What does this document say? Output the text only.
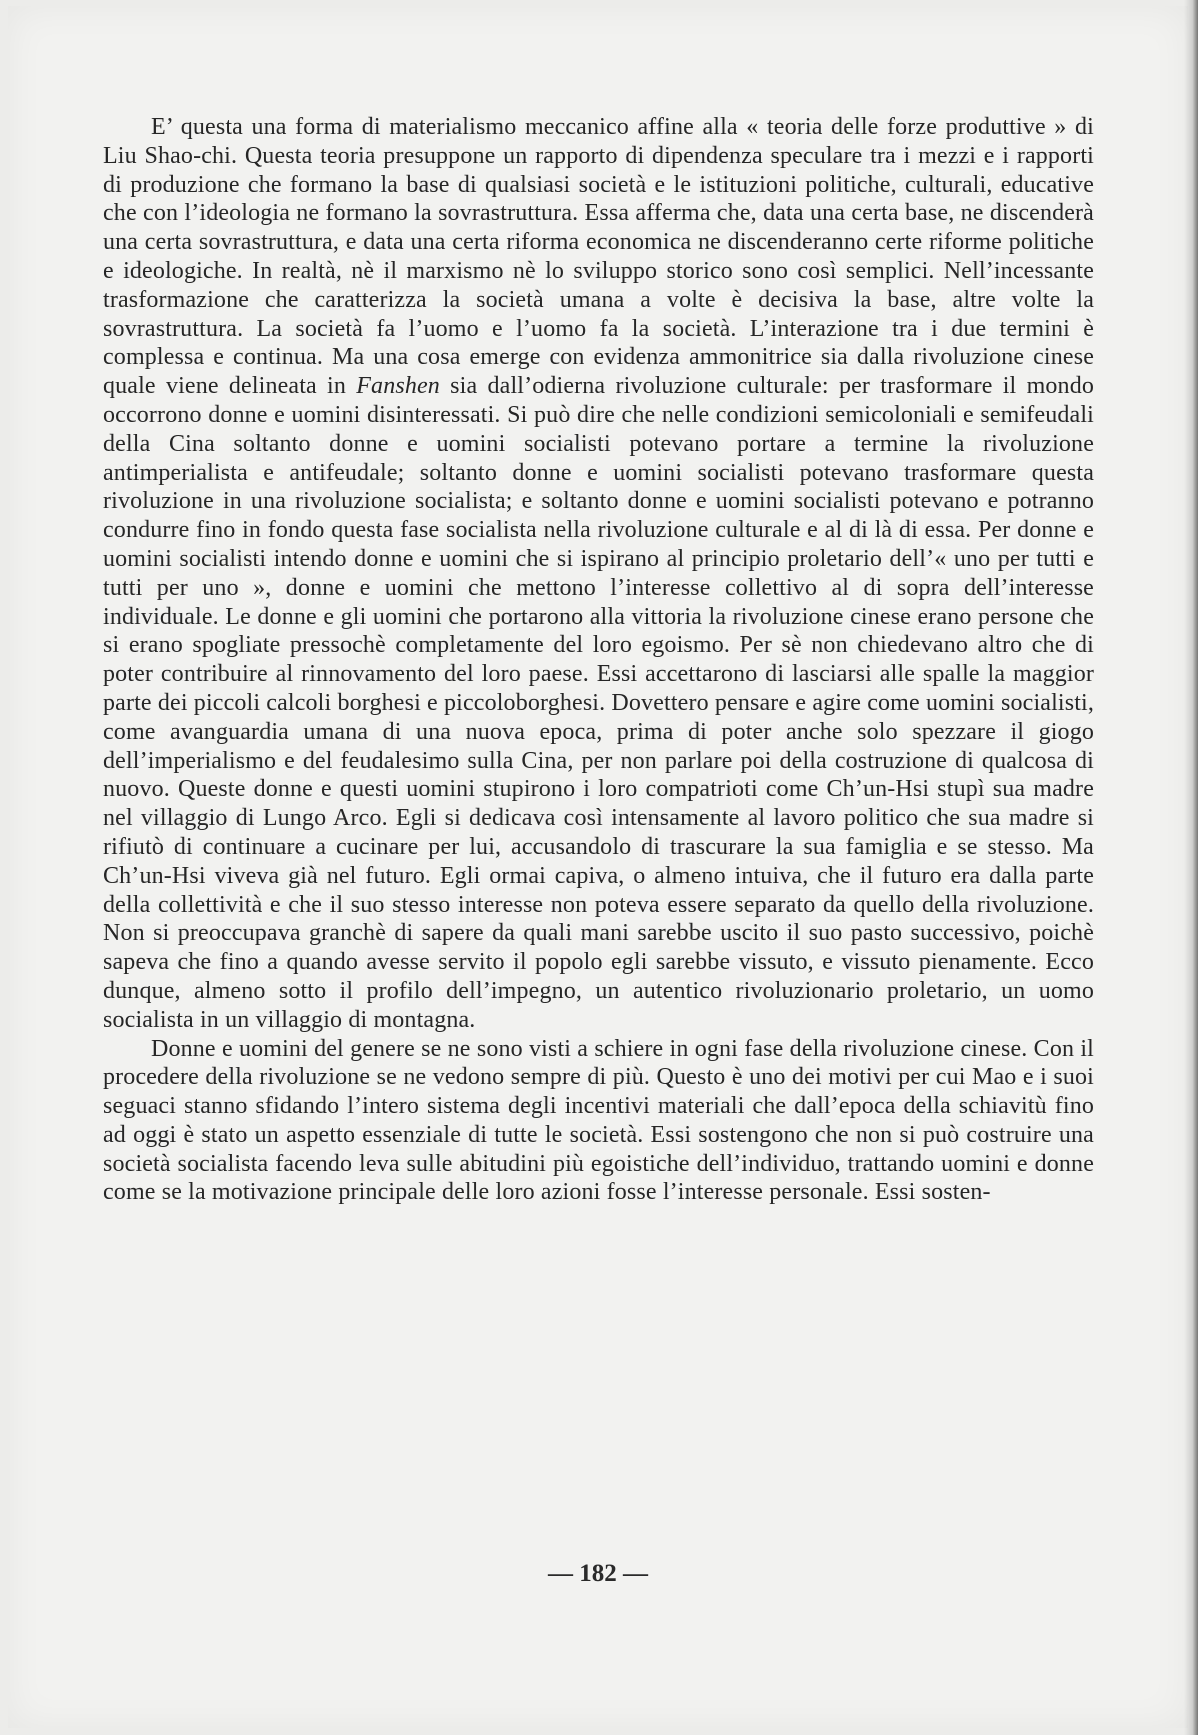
E’ questa una forma di materialismo meccanico affine alla « teoria delle forze produttive » di Liu Shao-chi. Questa teoria presuppone un rapporto di dipendenza speculare tra i mezzi e i rapporti di produzione che formano la base di qualsiasi società e le istituzioni politiche, culturali, educative che con l’ideologia ne formano la sovrastruttura. Essa afferma che, data una certa base, ne discenderà una certa sovrastruttura, e data una certa riforma economica ne discenderanno certe riforme politiche e ideologiche. In realtà, nè il marxismo nè lo sviluppo storico sono così semplici. Nell’incessante trasformazione che caratterizza la società umana a volte è decisiva la base, altre volte la sovrastruttura. La società fa l’uomo e l’uomo fa la società. L’interazione tra i due termini è complessa e continua. Ma una cosa emerge con evidenza ammonitrice sia dalla rivoluzione cinese quale viene delineata in Fanshen sia dall’odierna rivoluzione culturale: per trasformare il mondo occorrono donne e uomini disinteressati. Si può dire che nelle condizioni semicoloniali e semifeudali della Cina soltanto donne e uomini socialisti potevano portare a termine la rivoluzione antimperialista e antifeudale; soltanto donne e uomini socialisti potevano trasformare questa rivoluzione in una rivoluzione socialista; e soltanto donne e uomini socialisti potevano e potranno condurre fino in fondo questa fase socialista nella rivoluzione culturale e al di là di essa. Per donne e uomini socialisti intendo donne e uomini che si ispirano al principio proletario dell’« uno per tutti e tutti per uno », donne e uomini che mettono l’interesse collettivo al di sopra dell’interesse individuale. Le donne e gli uomini che portarono alla vittoria la rivoluzione cinese erano persone che si erano spogliate pressochè completamente del loro egoismo. Per sè non chiedevano altro che di poter contribuire al rinnovamento del loro paese. Essi accettarono di lasciarsi alle spalle la maggior parte dei piccoli calcoli borghesi e piccoloborghesi. Dovettero pensare e agire come uomini socialisti, come avanguardia umana di una nuova epoca, prima di poter anche solo spezzare il giogo dell’imperialismo e del feudalesimo sulla Cina, per non parlare poi della costruzione di qualcosa di nuovo. Queste donne e questi uomini stupirono i loro compatrioti come Ch’un-Hsi stupì sua madre nel villaggio di Lungo Arco. Egli si dedicava così intensamente al lavoro politico che sua madre si rifiutò di continuare a cucinare per lui, accusandolo di trascurare la sua famiglia e se stesso. Ma Ch’un-Hsi viveva già nel futuro. Egli ormai capiva, o almeno intuiva, che il futuro era dalla parte della collettività e che il suo stesso interesse non poteva essere separato da quello della rivoluzione. Non si preoccupava granchè di sapere da quali mani sarebbe uscito il suo pasto successivo, poichè sapeva che fino a quando avesse servito il popolo egli sarebbe vissuto, e vissuto pienamente. Ecco dunque, almeno sotto il profilo dell’impegno, un autentico rivoluzionario proletario, un uomo socialista in un villaggio di montagna.

Donne e uomini del genere se ne sono visti a schiere in ogni fase della rivoluzione cinese. Con il procedere della rivoluzione se ne vedono sempre di più. Questo è uno dei motivi per cui Mao e i suoi seguaci stanno sfidando l’intero sistema degli incentivi materiali che dall’epoca della schiavitù fino ad oggi è stato un aspetto essenziale di tutte le società. Essi sostengono che non si può costruire una società socialista facendo leva sulle abitudini più egoistiche dell’individuo, trattando uomini e donne come se la motivazione principale delle loro azioni fosse l’interesse personale. Essi sosten-

— 182 —
